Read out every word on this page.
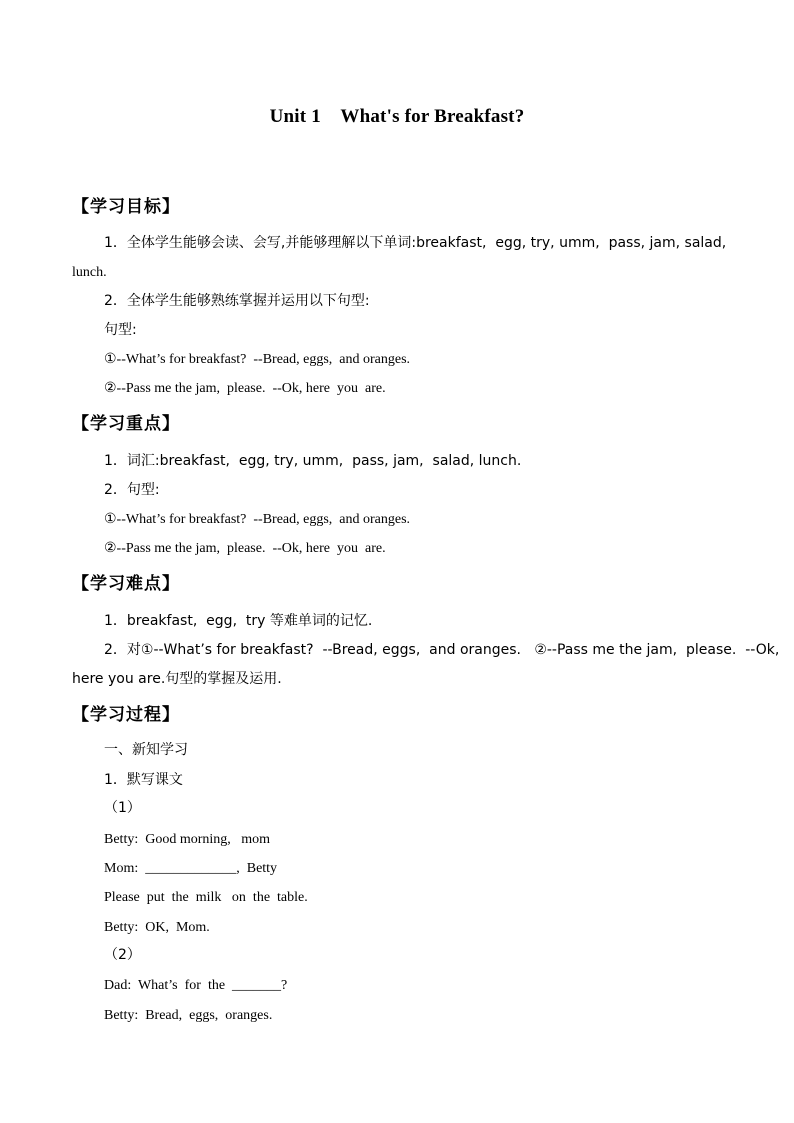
Unit 1    What's for Breakfast?
【学习目标】
1．全体学生能够会读、会写,并能够理解以下单词:breakfast,  egg, try, umm,  pass, jam, salad,
lunch.
2．全体学生能够熟练掌握并运用以下句型:
句型:
①--What’s for breakfast?  --Bread, eggs,  and oranges.
②--Pass me the jam,  please.  --Ok, here  you  are.
【学习重点】
1．词汇:breakfast,  egg, try, umm,  pass, jam,  salad, lunch.
2．句型:
①--What’s for breakfast?  --Bread, eggs,  and oranges.
②--Pass me the jam,  please.  --Ok, here  you  are.
【学习难点】
1．breakfast,  egg,  try 等难单词的记忆.
2．对①--What’s for breakfast?  --Bread, eggs,  and oranges.   ②--Pass me the jam,  please.  --Ok,
here you are.句型的掌握及运用.
【学习过程】
一、新知学习
1．默写课文
（1）
Betty:  Good morning,   mom
Mom:  _____________,  Betty
Please  put  the  milk   on  the  table.
Betty:  OK,  Mom.
（2）
Dad:  What’s  for  the  _______?
Betty:  Bread,  eggs,  oranges.
